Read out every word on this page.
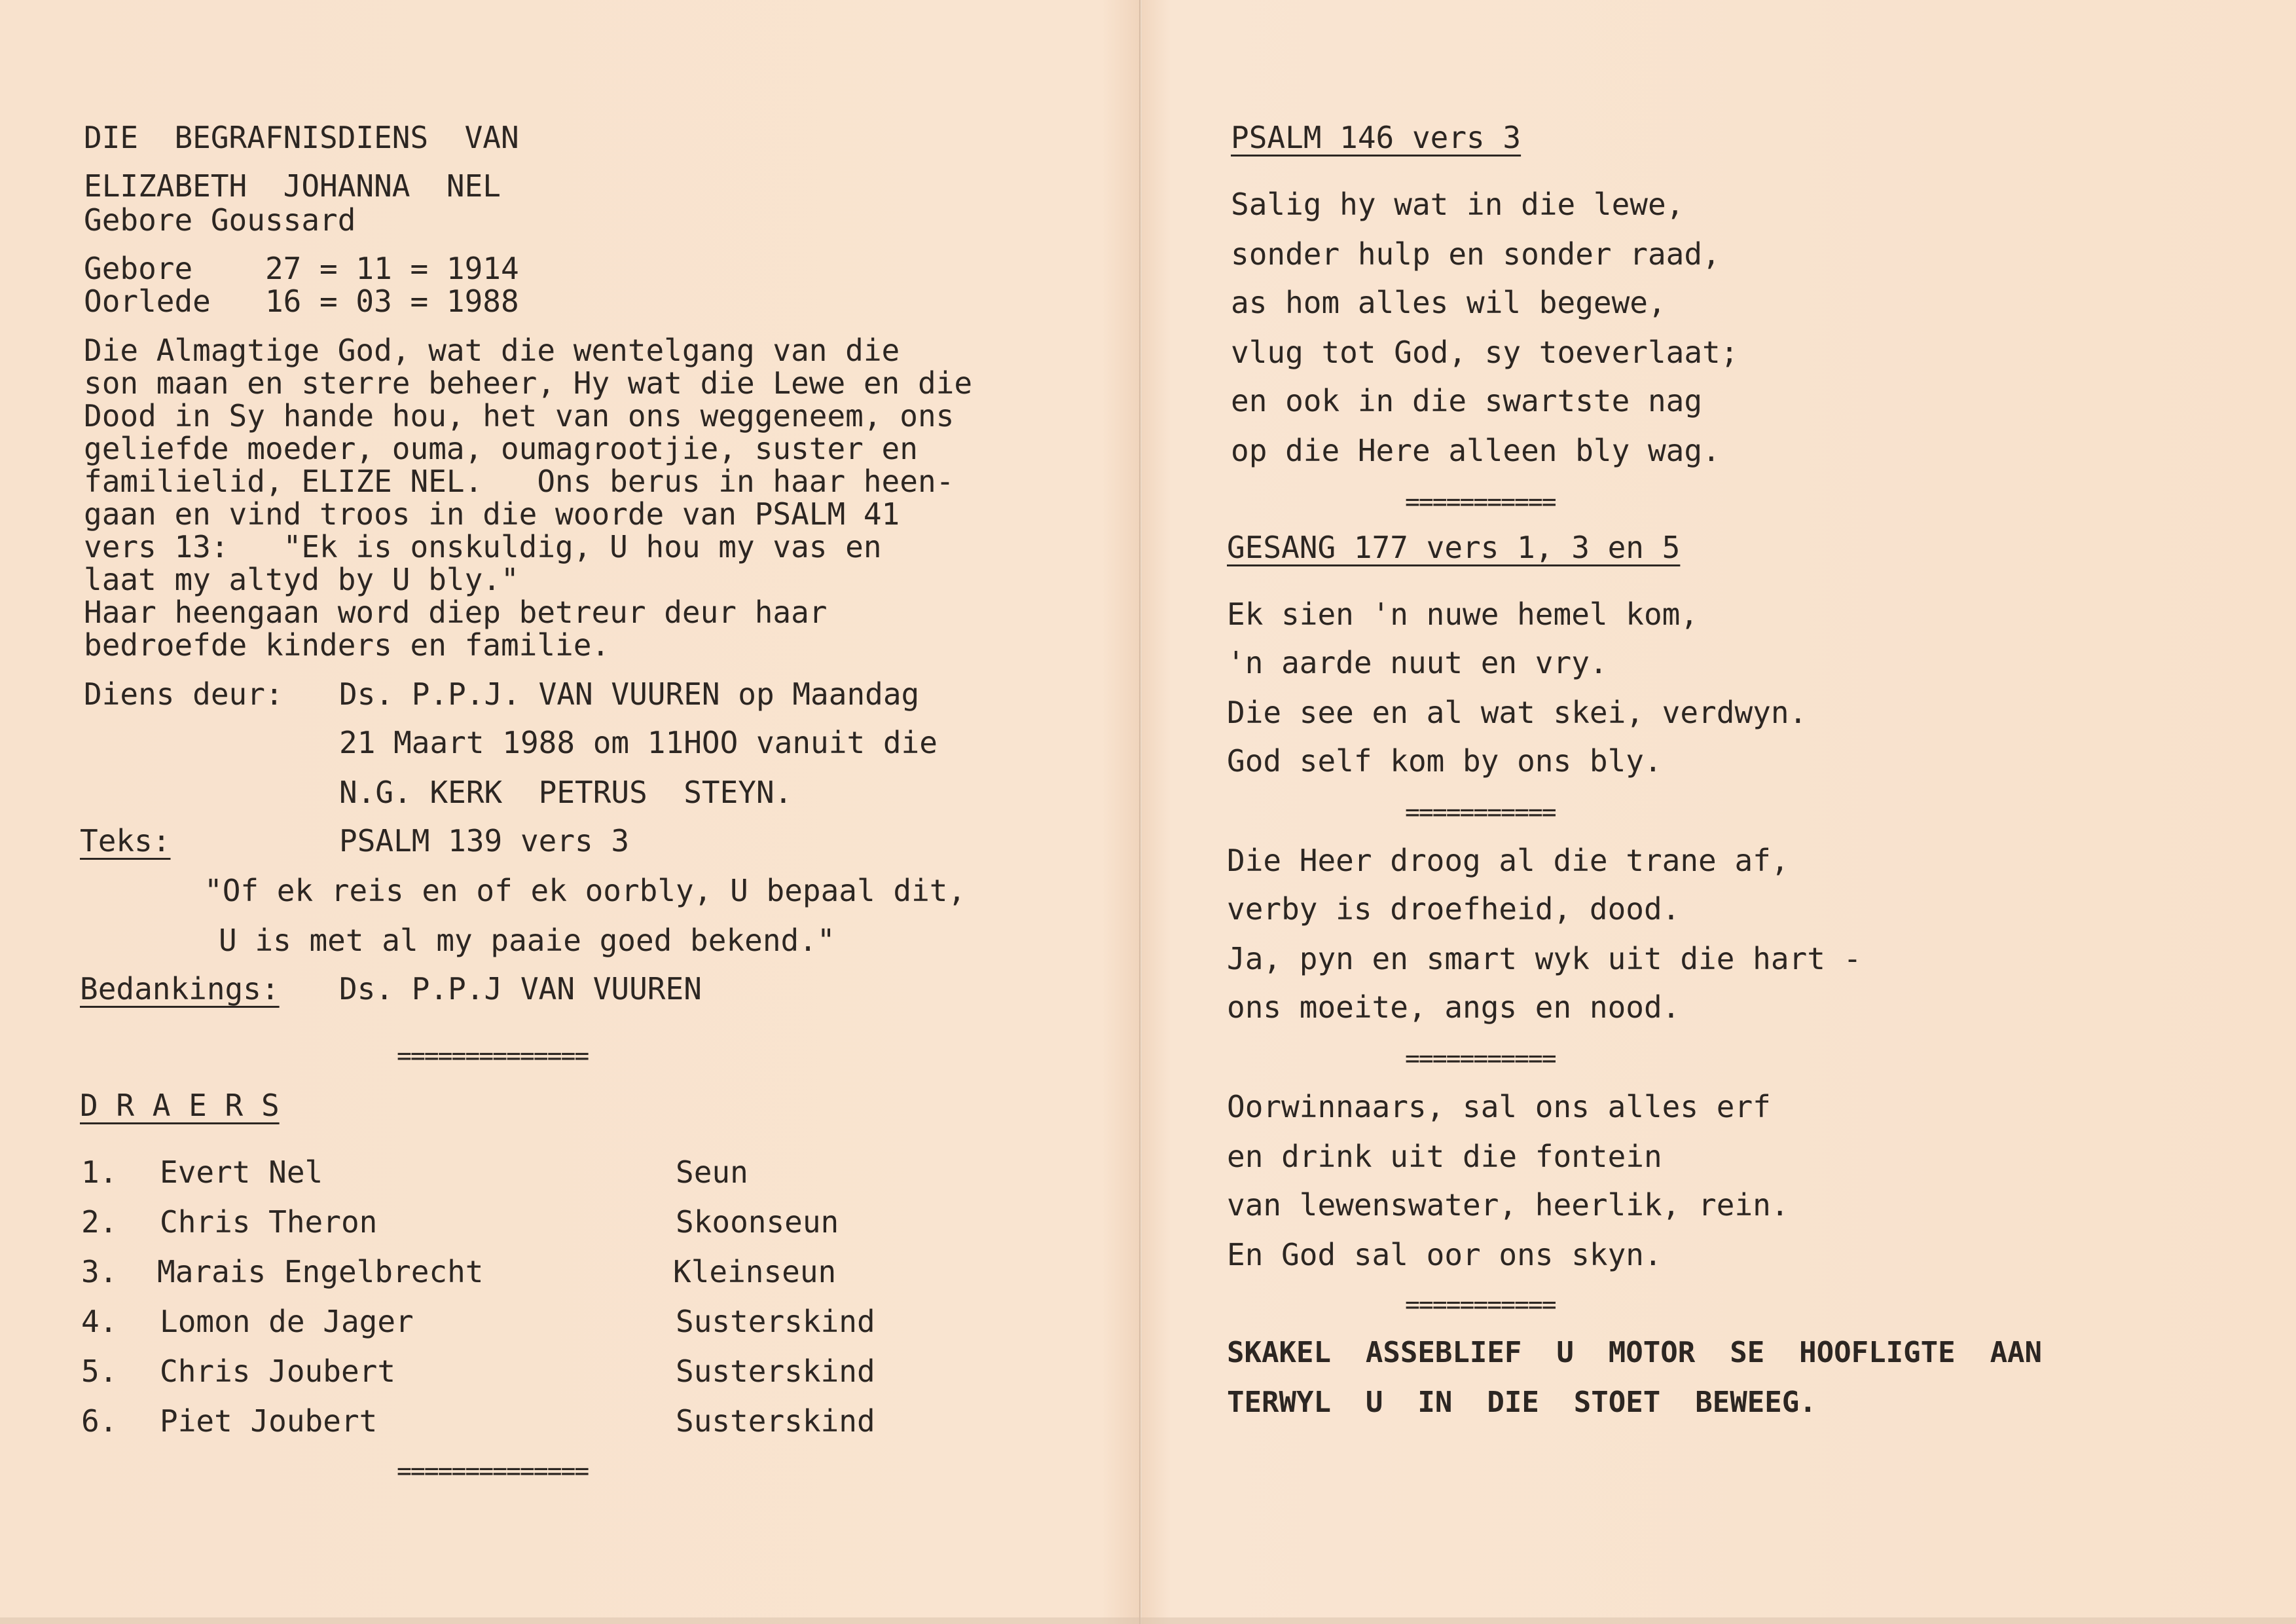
DIE  BEGRAFNISDIENS  VAN
ELIZABETH  JOHANNA  NEL
Gebore Goussard
Gebore    27 = 11 = 1914
Oorlede   16 = 03 = 1988
Die Almagtige God, wat die wentelgang van die
son maan en sterre beheer, Hy wat die Lewe en die
Dood in Sy hande hou, het van ons weggeneem, ons
geliefde moeder, ouma, oumagrootjie, suster en
familielid, ELIZE NEL.   Ons berus in haar heen-
gaan en vind troos in die woorde van PSALM 41
vers 13:   "Ek is onskuldig, U hou my vas en
laat my altyd by U bly."
Haar heengaan word diep betreur deur haar
bedroefde kinders en familie.
Diens deur: Ds. P.P.J. VAN VUUREN op Maandag
21 Maart 1988 om 11HOO vanuit die
N.G. KERK  PETRUS  STEYN.
Teks:	PSALM 139 vers 3
"Of ek reis en of ek oorbly, U bepaal dit,
U is met al my paaie goed bekend."
Bedankings: Ds. P.P.J VAN VUUREN
==============
D R A E R S
1. Evert Nel	Seun
2. Chris Theron	Skoonseun
3. Marais Engelbrecht	Kleinseun
4. Lomon de Jager	Susterskind
5. Chris Joubert	Susterskind
6. Piet Joubert	Susterskind
==============
PSALM 146 vers 3
Salig hy wat in die lewe,
sonder hulp en sonder raad,
as hom alles wil begewe,
vlug tot God, sy toeverlaat;
en ook in die swartste nag
op die Here alleen bly wag.
===========
GESANG 177 vers 1, 3 en 5
Ek sien 'n nuwe hemel kom,
'n aarde nuut en vry.
Die see en al wat skei, verdwyn.
God self kom by ons bly.
===========
Die Heer droog al die trane af,
verby is droefheid, dood.
Ja, pyn en smart wyk uit die hart -
ons moeite, angs en nood.
===========
Oorwinnaars, sal ons alles erf
en drink uit die fontein
van lewenswater, heerlik, rein.
En God sal oor ons skyn.
===========
SKAKEL  ASSEBLIEF  U  MOTOR  SE  HOOFLIGTE  AAN
TERWYL  U  IN  DIE  STOET  BEWEEG.
